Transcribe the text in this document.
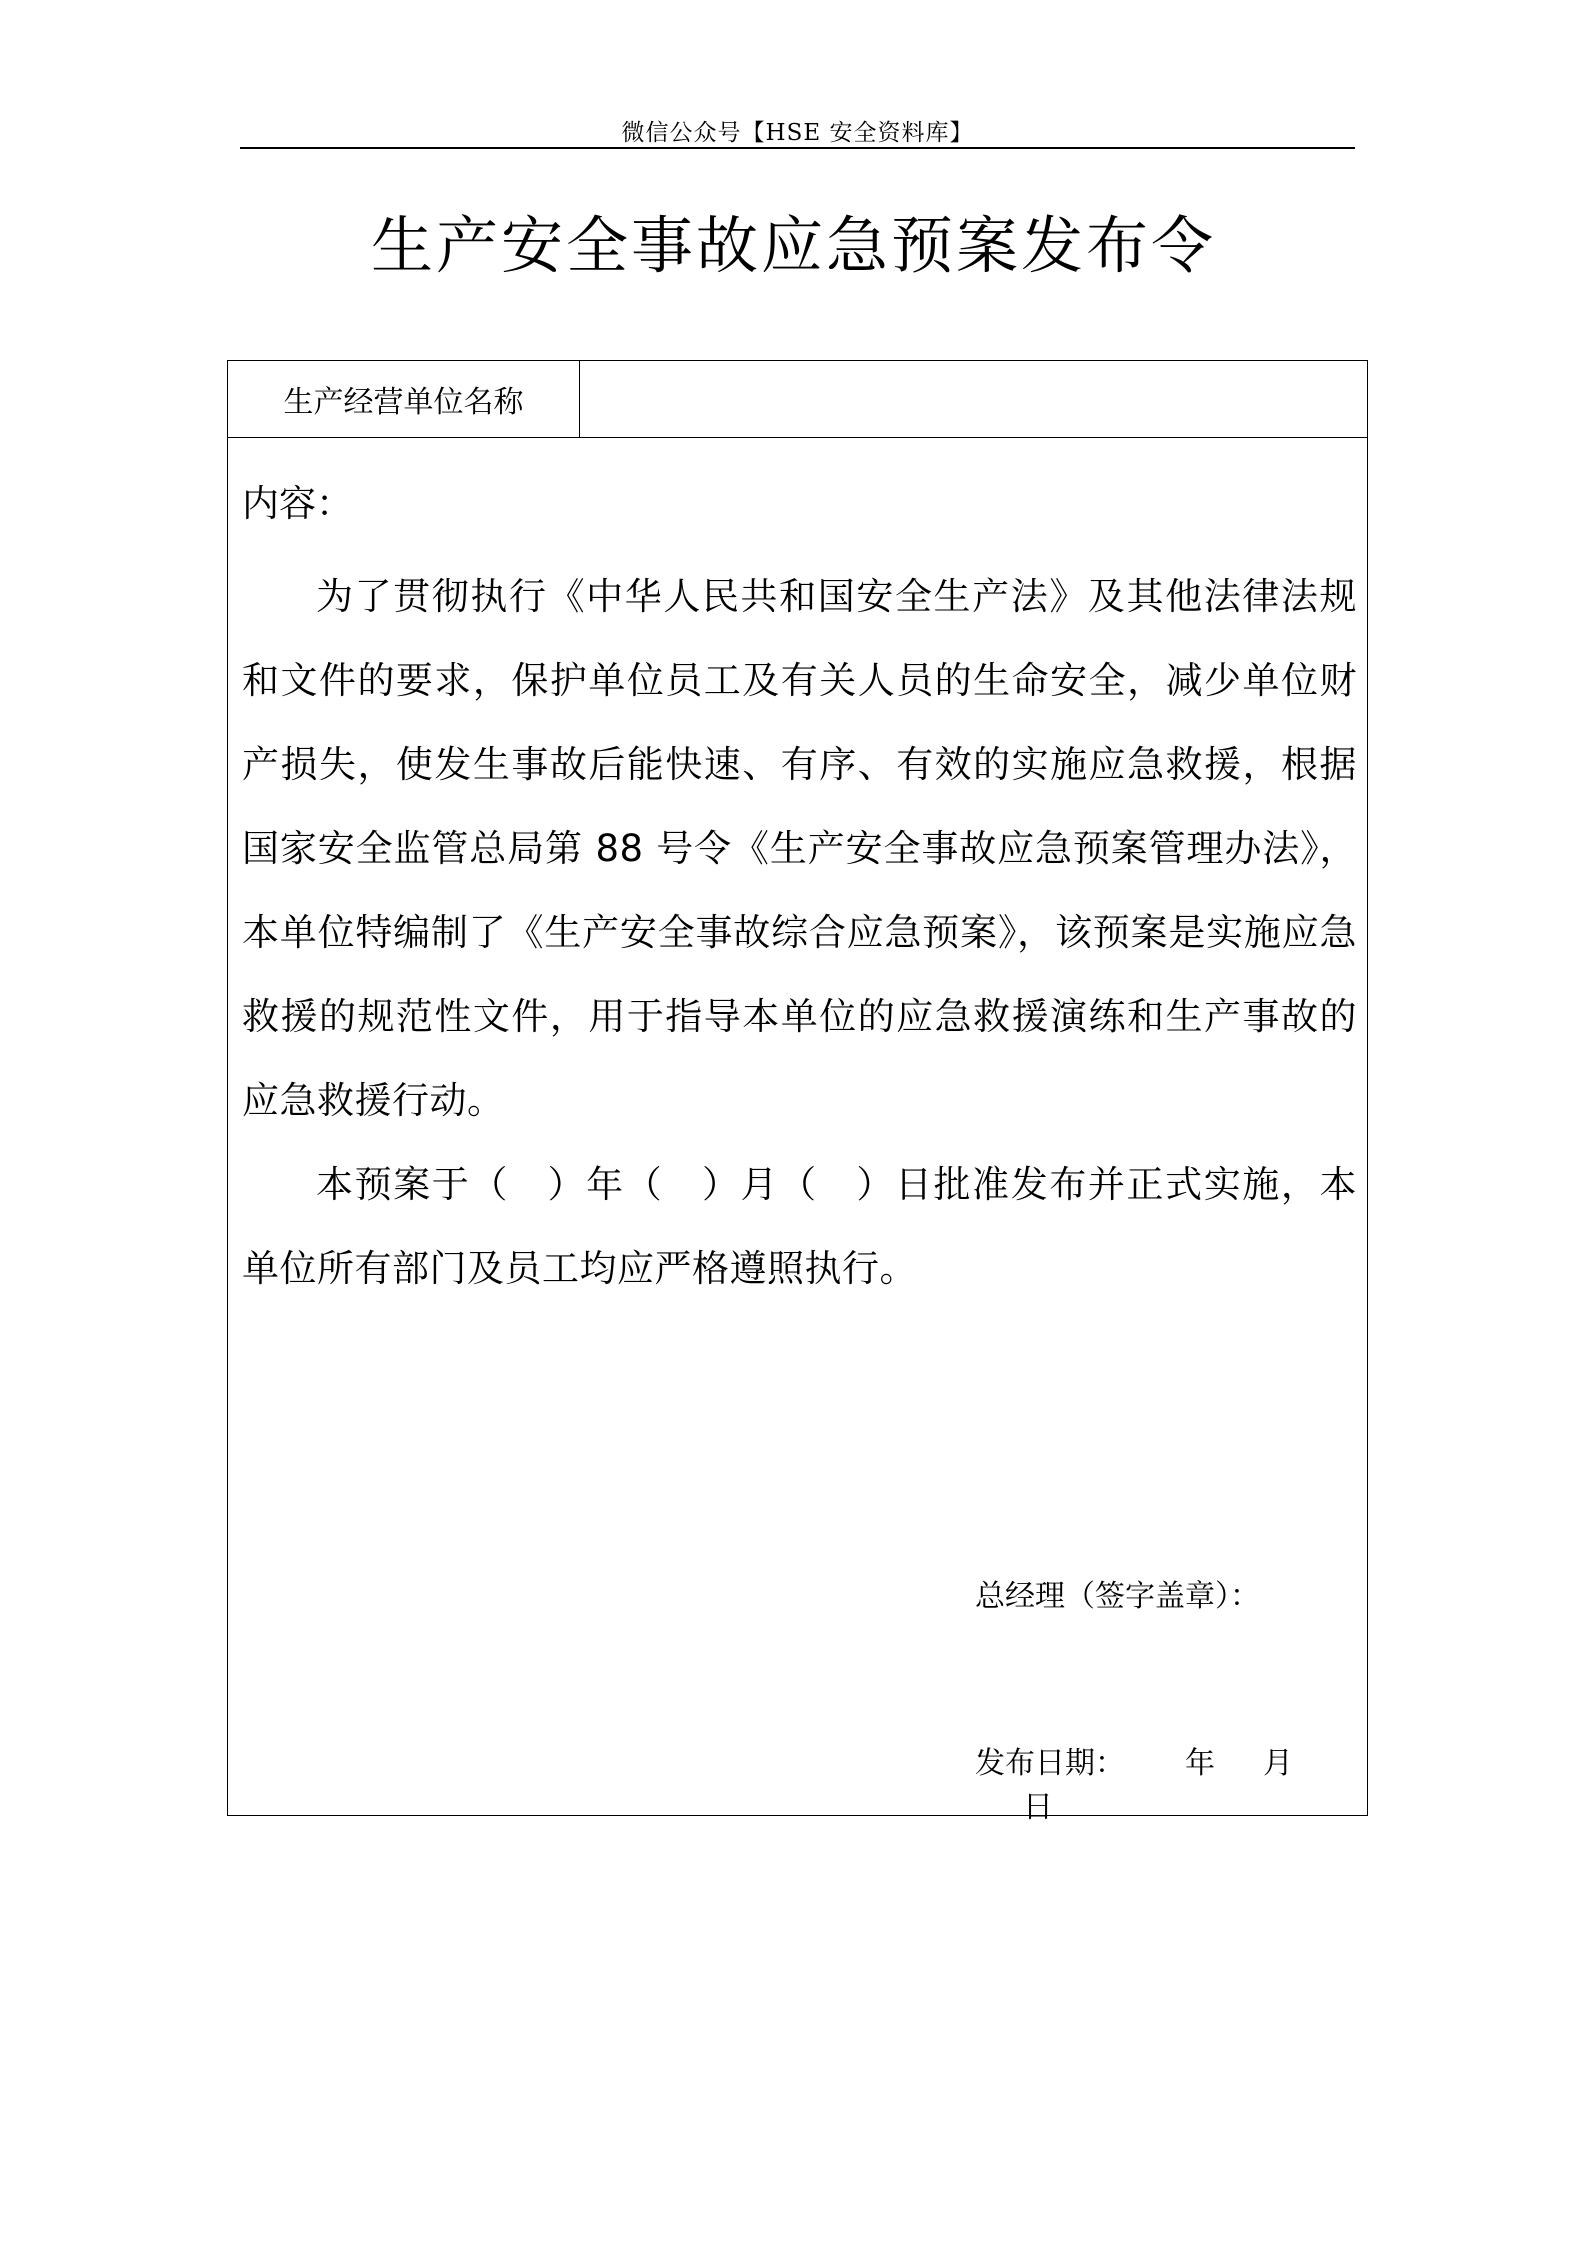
微信公众号【HSE 安全资料库】
生产安全事故应急预案发布令
生产经营单位名称
内容：

为了贯彻执行《中华人民共和国安全生产法》及其他法律法规和文件的要求，保护单位员工及有关人员的生命安全，减少单位财产损失，使发生事故后能快速、有序、有效的实施应急救援，根据国家安全监管总局第 88 号令《生产安全事故应急预案管理办法》，本单位特编制了《生产安全事故综合应急预案》，该预案是实施应急救援的规范性文件，用于指导本单位的应急救援演练和生产事故的应急救援行动。

本预案于（　）年（　）月（　）日批准发布并正式实施，本单位所有部门及员工均应严格遵照执行。

总经理（签字盖章）：
发布日期： 年 月日
